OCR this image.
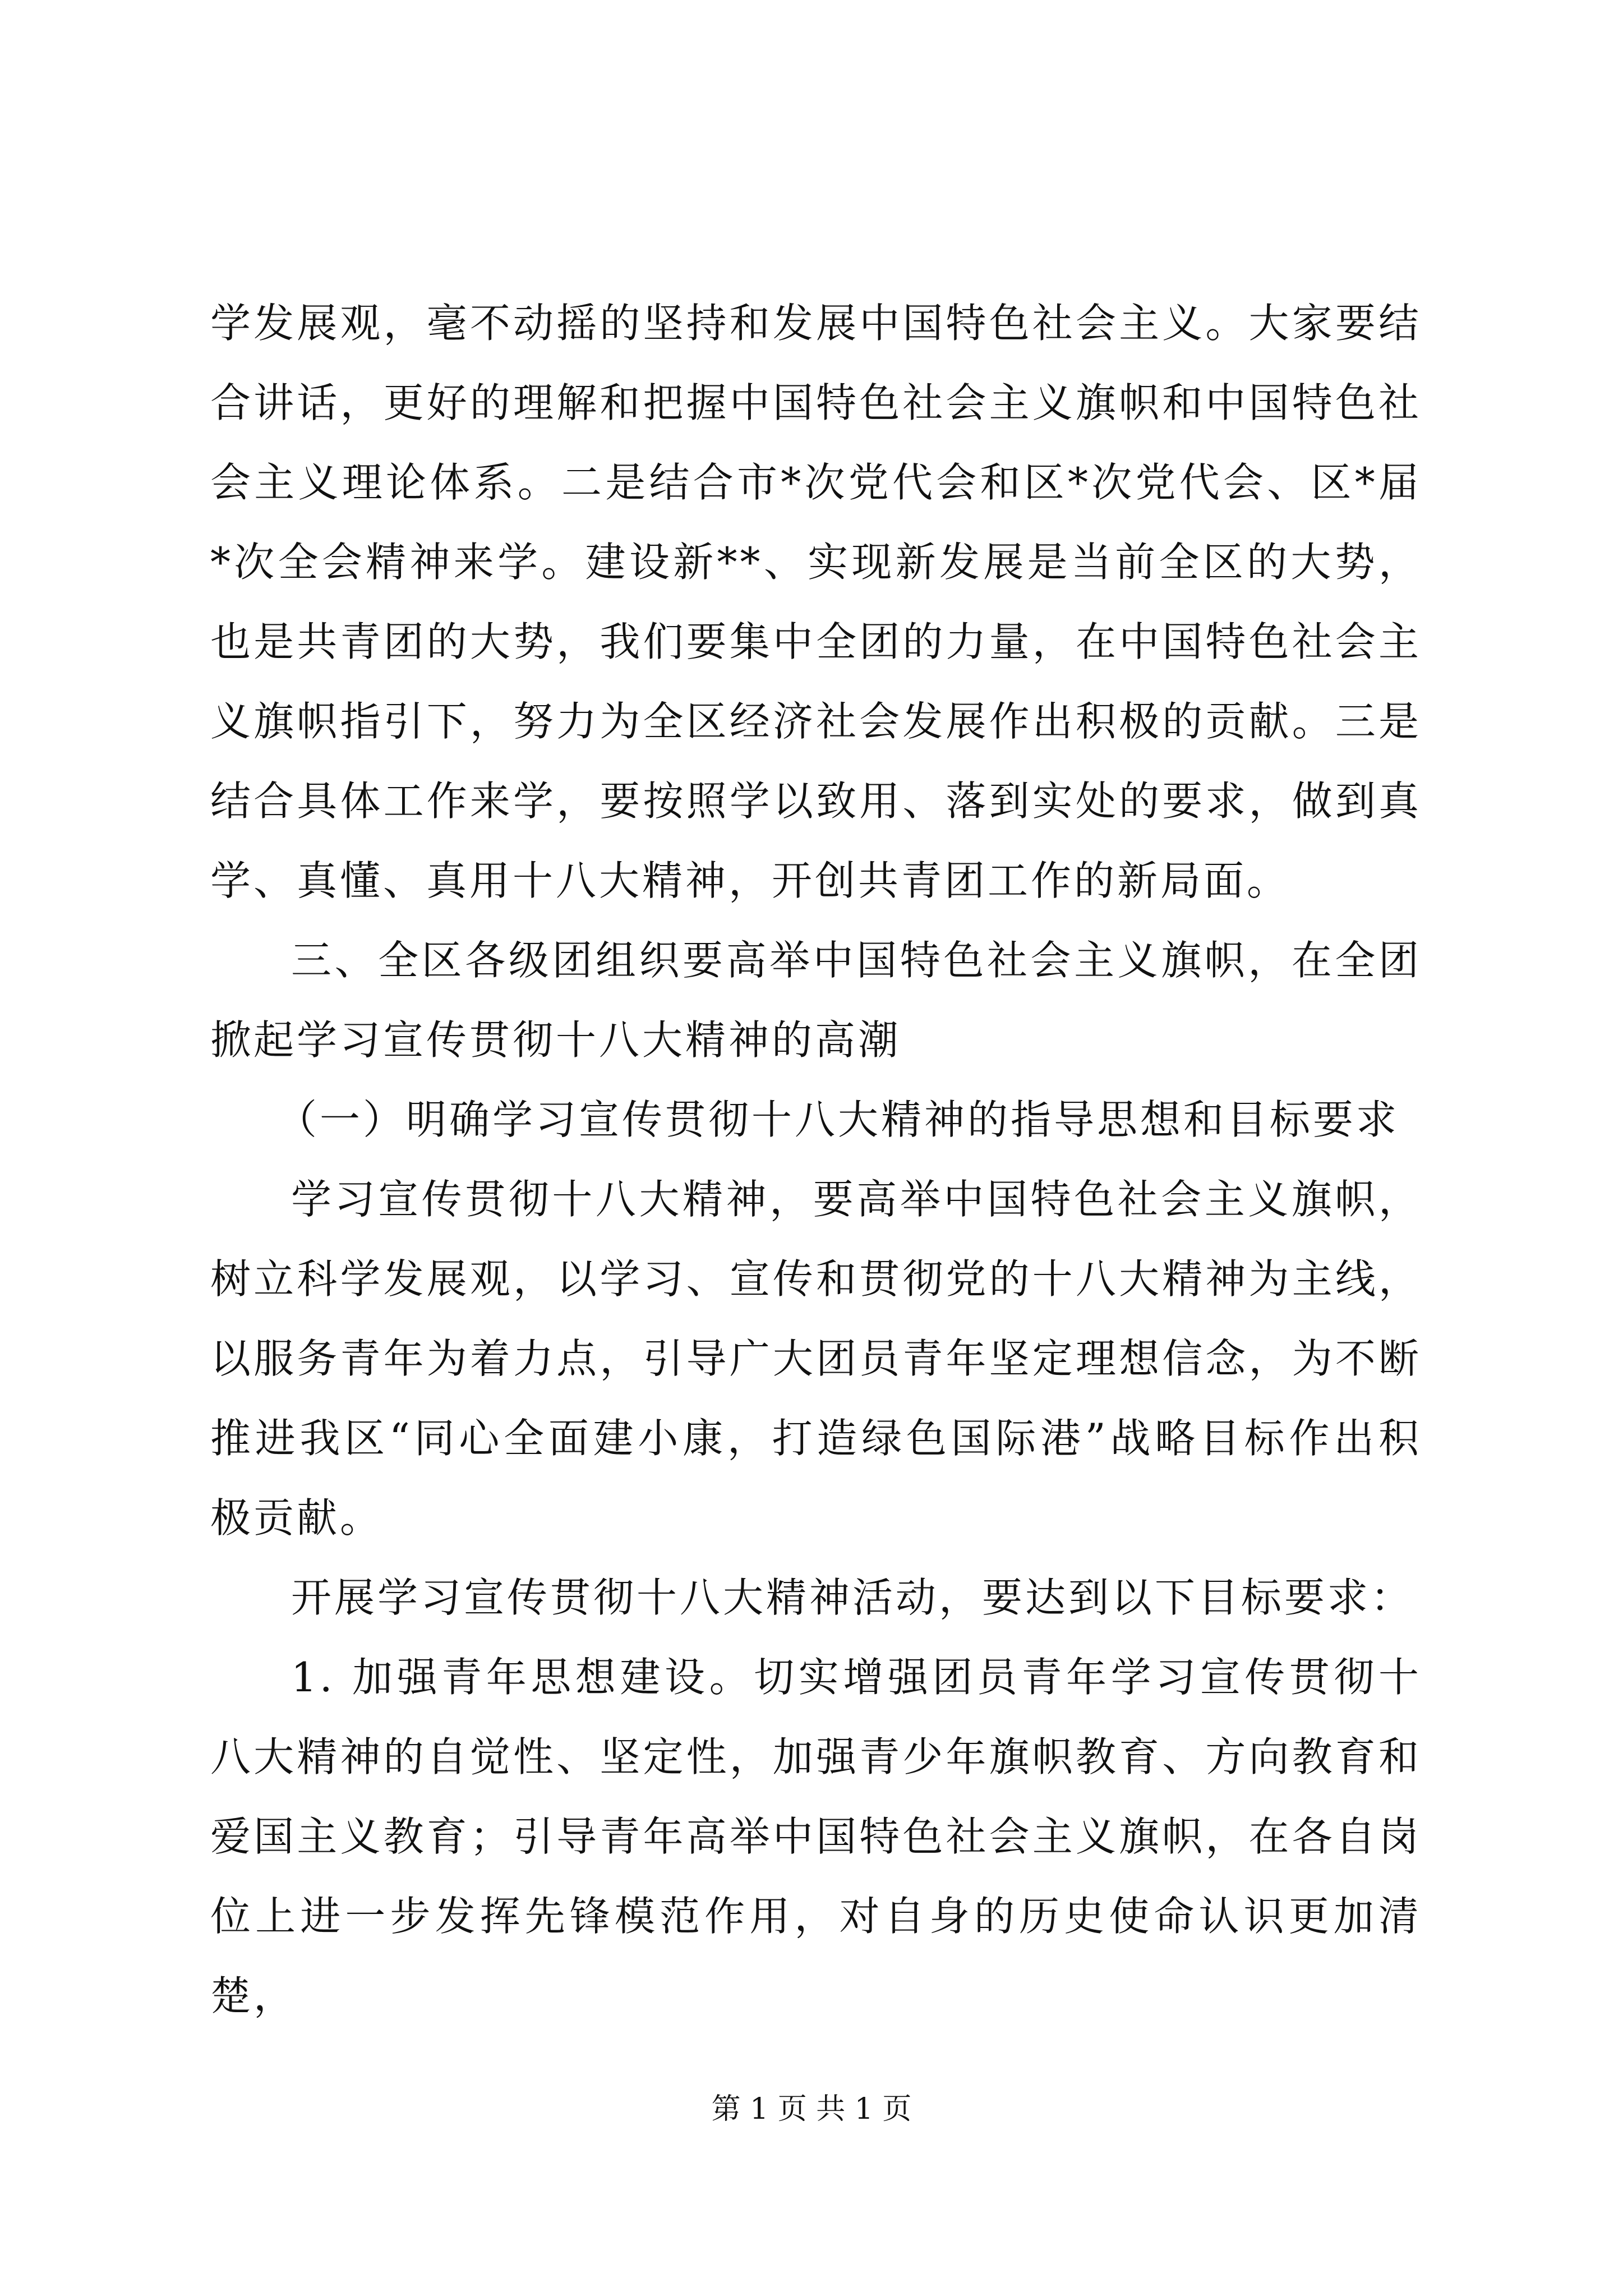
学发展观，毫不动摇的坚持和发展中国特色社会主义。大家要结合讲话，更好的理解和把握中国特色社会主义旗帜和中国特色社会主义理论体系。二是结合市*次党代会和区*次党代会、区*届*次全会精神来学。建设新**、实现新发展是当前全区的大势，也是共青团的大势，我们要集中全团的力量，在中国特色社会主义旗帜指引下，努力为全区经济社会发展作出积极的贡献。三是结合具体工作来学，要按照学以致用、落到实处的要求，做到真学、真懂、真用十八大精神，开创共青团工作的新局面。

三、全区各级团组织要高举中国特色社会主义旗帜，在全团掀起学习宣传贯彻十八大精神的高潮

（一）明确学习宣传贯彻十八大精神的指导思想和目标要求

学习宣传贯彻十八大精神，要高举中国特色社会主义旗帜，树立科学发展观，以学习、宣传和贯彻党的十八大精神为主线，以服务青年为着力点，引导广大团员青年坚定理想信念，为不断推进我区“同心全面建小康，打造绿色国际港”战略目标作出积极贡献。

开展学习宣传贯彻十八大精神活动，要达到以下目标要求：

1. 加强青年思想建设。切实增强团员青年学习宣传贯彻十八大精神的自觉性、坚定性，加强青少年旗帜教育、方向教育和爱国主义教育；引导青年高举中国特色社会主义旗帜，在各自岗位上进一步发挥先锋模范作用，对自身的历史使命认识更加清楚，

第 1 页 共 1 页
